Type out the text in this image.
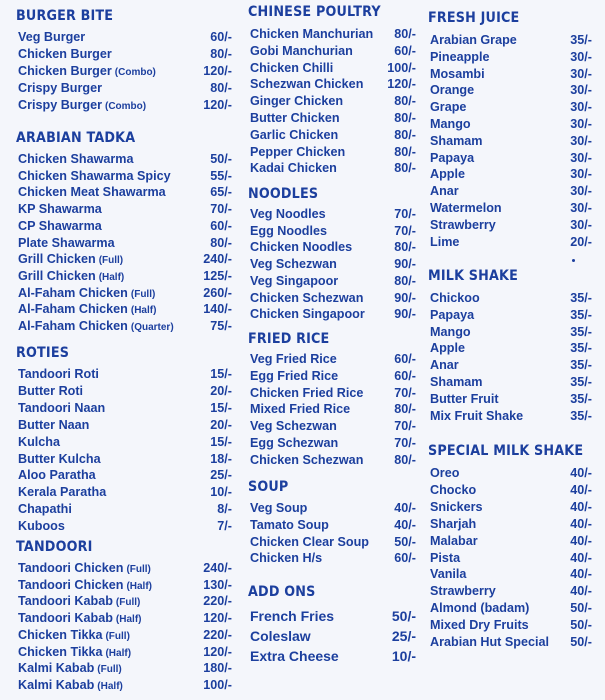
BURGER BITE
Veg Burger	60/-
Chicken Burger	80/-
Chicken Burger (Combo)	120/-
Crispy Burger	80/-
Crispy Burger (Combo)	120/-
ARABIAN TADKA
Chicken Shawarma	50/-
Chicken Shawarma Spicy	55/-
Chicken Meat Shawarma	65/-
KP Shawarma	70/-
CP Shawarma	60/-
Plate Shawarma	80/-
Grill Chicken (Full)	240/-
Grill Chicken (Half)	125/-
Al-Faham Chicken (Full)	260/-
Al-Faham Chicken (Half)	140/-
Al-Faham Chicken (Quarter)	75/-
ROTIES
Tandoori Roti	15/-
Butter Roti	20/-
Tandoori Naan	15/-
Butter Naan	20/-
Kulcha	15/-
Butter Kulcha	18/-
Aloo Paratha	25/-
Kerala Paratha	10/-
Chapathi	8/-
Kuboos	7/-
TANDOORI
Tandoori Chicken (Full)	240/-
Tandoori Chicken (Half)	130/-
Tandoori Kabab (Full)	220/-
Tandoori Kabab (Half)	120/-
Chicken Tikka (Full)	220/-
Chicken Tikka (Half)	120/-
Kalmi Kabab (Full)	180/-
Kalmi Kabab (Half)	100/-
CHINESE POULTRY
Chicken Manchurian 80/-
Gobi Manchurian	60/-
Chicken Chilli	100/-
Schezwan Chicken 120/-
Ginger Chicken	80/-
Butter Chicken	80/-
Garlic Chicken	80/-
Pepper Chicken	80/-
Kadai Chicken	80/-
NOODLES
Veg Noodles	70/-
Egg Noodles	70/-
Chicken Noodles	80/-
Veg Schezwan	90/-
Veg Singapoor	80/-
Chicken Schezwan 90/-
Chicken Singapoor 90/-
FRIED RICE
Veg Fried Rice	60/-
Egg Fried Rice	60/-
Chicken Fried Rice 70/-
Mixed Fried Rice	80/-
Veg Schezwan	70/-
Egg Schezwan	70/-
Chicken Schezwan 80/-
SOUP
Veg Soup	40/-
Tamato Soup	40/-
Chicken Clear Soup 50/-
Chicken H/s	60/-
ADD ONS
French Fries	50/-
Coleslaw	25/-
Extra Cheese	10/-
FRESH JUICE
Arabian Grape	35/-
Pineapple	30/-
Mosambi	30/-
Orange	30/-
Grape	30/-
Mango	30/-
Shamam	30/-
Papaya	30/-
Apple	30/-
Anar	30/-
Watermelon	30/-
Strawberry	30/-
Lime	20/-
MILK SHAKE
Chickoo	35/-
Papaya	35/-
Mango	35/-
Apple	35/-
Anar	35/-
Shamam	35/-
Butter Fruit	35/-
Mix Fruit Shake	35/-
SPECIAL MILK SHAKE
Oreo	40/-
Chocko	40/-
Snickers	40/-
Sharjah	40/-
Malabar	40/-
Pista	40/-
Vanila	40/-
Strawberry	40/-
Almond (badam)	50/-
Mixed Dry Fruits	50/-
Arabian Hut Special 50/-
